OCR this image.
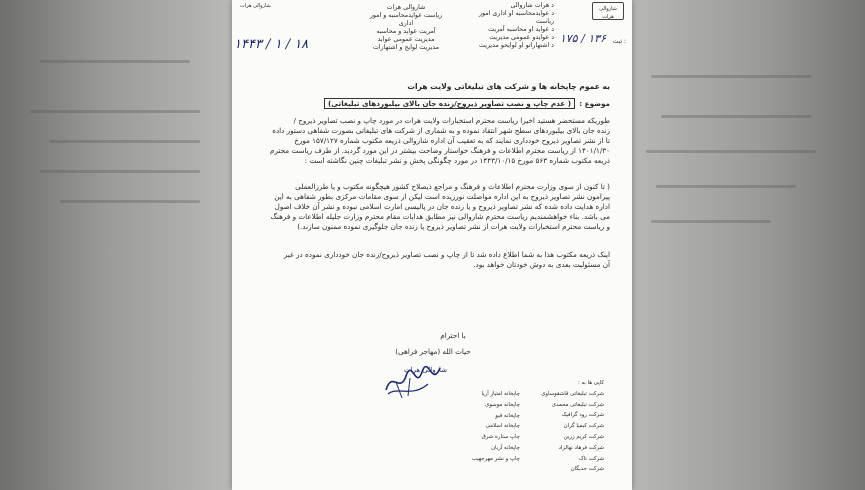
د هرات شاروالی
د عوایدمحاسبه او اداری امور
ریاست
د عواید او محاسبه آمریت
د عوایدو عمومی مدیریت
د اشتهاراتو او لوایحو مدیریت
شاروالی هرات
ریاست عوایدمحاسبه و امور
اداری
آمریت عواید و محاسبه
مدیریت عمومی عواید
مدیریت لوایح و اشتهارات
شاروالی هرات
شاروالی هرات
ثبت :
۱۷۵ / ۱۳۶
۱۴۴۳ / ۱ / ۱۸
به عموم چاپخانه ها و شرکت های تبلیغاتی ولایت هرات
موضوع : ( عدم چاپ و نصب تصاویر ذیروح/زنده جان بالای بیلبوردهای تبلیغاتی)
طوریکه مستحضر هستید اخیرا ریاست محترم استخبارات ولایت هرات در مورد چاپ و نصب تصاویر ذیروح /
زنده جان بالای بیلبوردهای سطح شهر انتقاد نموده و به شماری از شرکت های تبلیغاتی بصورت شفاهی دستور داده
تا از نشر تصاویر ذیروح خودداری نمایند که به تعقیب آن اداره شاروالی ذریعه مکتوب شماره ۱۵۷/۱۲۷ مورخ
۱۴۰۱/۱/۳۰ از ریاست محترم اطلاعات و فرهنگ خواستار وضاحت بیشتر در این مورد گردید. از طرف ریاست محترم
ذریعه مکتوب شماره ۵۶۳ مورخ ۱۴۴۳/۱۰/۱۵ در مورد چگونگی پخش و نشر تبلیغات چنین نگاشته است :
( تا کنون از سوی وزارت محترم اطلاعات و فرهنگ و مراجع ذیصلاح کشور هیچگونه مکتوب و یا طرزالعملی
پیرامون نشر تصاویر ذیروح به این اداره مواصلت نورزیده است لیکن از سوی مقامات مرکزی بطور شفاهی به این
اداره هدایت داده شده که نشر تصاویر ذیروح و یا زنده جان در پالیسی امارت اسلامی نبوده و نشر آن خلاف اصول
می باشد. بناء خواهشمندیم ریاست محترم شاروالی نیز مطابق هدایات مقام محترم وزارت جلیله اطلاعات و فرهنگ
و ریاست محترم استخبارات ولایت هرات از نشر تصاویر ذیروح یا زنده جان جلوگیری نموده ممنون سازند.)
اینک ذریعه مکتوب هذا به شما اطلاع داده شد تا از چاپ و نصب تصاویر ذیروح/زنده جان خودداری نموده در غیر
آن مسئولیت بعدی به دوش خودتان خواهد بود.
با احترام
حیات الله (مهاجر فراهی)
شاروالی هرات
کاپی ها به :
شرکت تبلیغاتی قاشقوساوی
شرکت تبلیغاتی محمدی
شرکت رود گرافیک
شرکت کیمیا گران
شرکت کریم زرین
شرکت فرهاد نهالزاد
شرکت تاک
شرکت جدیگان
چاپخانه امتیاز آریا
چاپخانه موسوی
چاپخانه قیو
چاپخانه اسلامی
چاپ ستاره شرق
چاپخانه آریان
چاپ و نشر مهرجهیب
